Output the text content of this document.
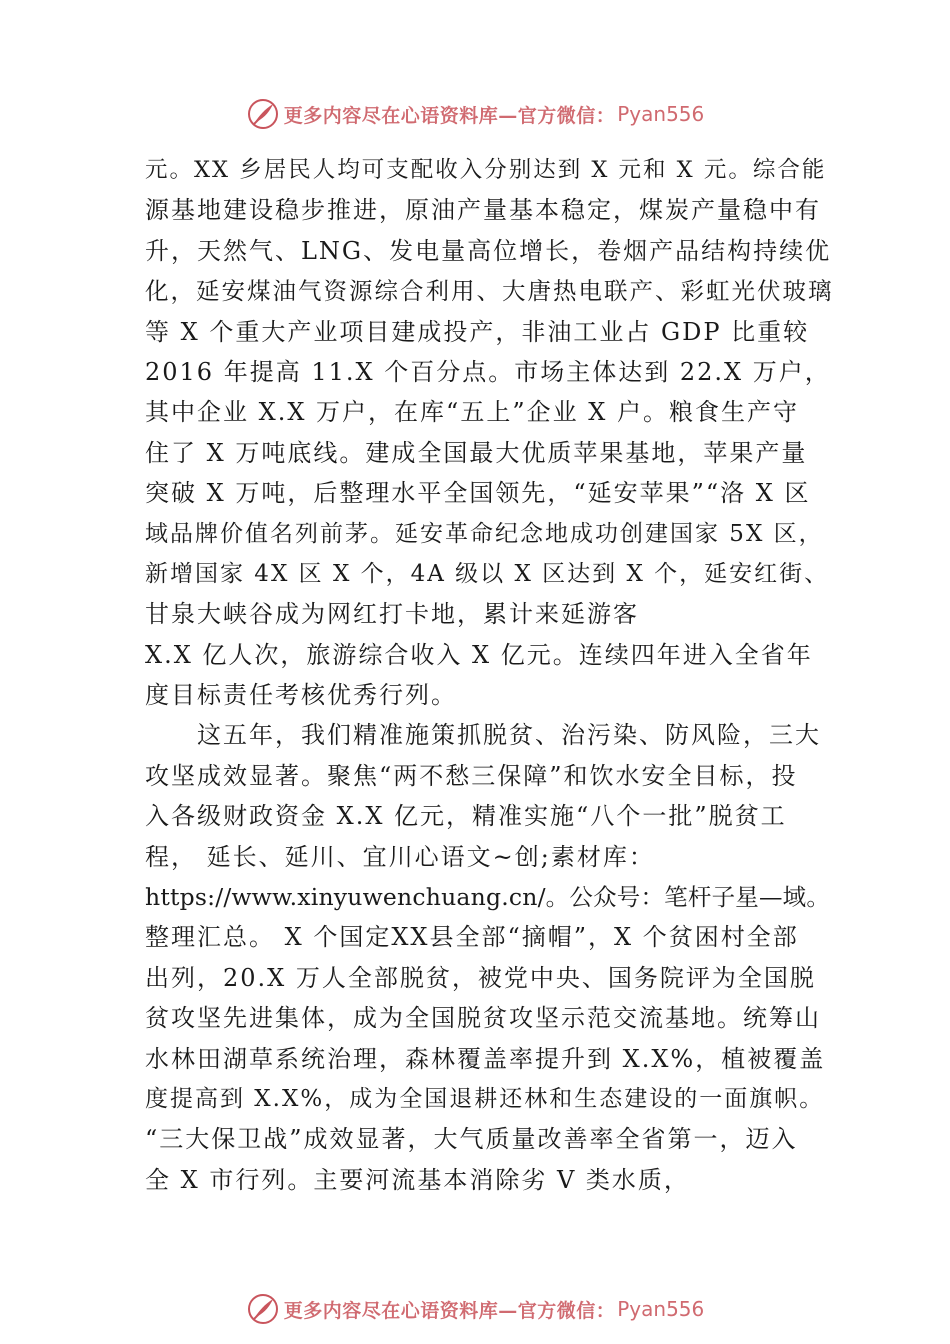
更多内容尽在心语资料库—官方微信： Pyan556
元。XX 乡居民人均可支配收入分别达到 X 元和 X 元。综合能
源基地建设稳步推进，原油产量基本稳定，煤炭产量稳中有
升，天然气、LNG、发电量高位增长，卷烟产品结构持续优
化，延安煤油气资源综合利用、大唐热电联产、彩虹光伏玻璃
等 X 个重大产业项目建成投产，非油工业占 GDP 比重较
2016 年提高 11.X 个百分点。市场主体达到 22.X 万户，
其中企业 X.X 万户，在库“五上”企业 X 户。粮食生产守
住了 X 万吨底线。建成全国最大优质苹果基地，苹果产量
突破 X 万吨，后整理水平全国领先，“延安苹果”“洛 X 区
域品牌价值名列前茅。延安革命纪念地成功创建国家 5X 区，
新增国家 4X 区 X 个，4A 级以 X 区达到 X 个，延安红街、
甘泉大峡谷成为网红打卡地，累计来延游客
X.X 亿人次，旅游综合收入 X 亿元。连续四年进入全省年
度目标责任考核优秀行列。
　　这五年，我们精准施策抓脱贫、治污染、防风险，三大
攻坚成效显著。聚焦“两不愁三保障”和饮水安全目标，投
入各级财政资金 X.X 亿元，精准实施“八个一批”脱贫工
程， 延长、延川、宜川心语文~创;素材库：
https://www.xinyuwenchuang.cn/。公众号：笔杆子星—域。
整理汇总。 X 个国定XX县全部“摘帽”，X 个贫困村全部
出列，20.X 万人全部脱贫，被党中央、国务院评为全国脱
贫攻坚先进集体，成为全国脱贫攻坚示范交流基地。统筹山
水林田湖草系统治理，森林覆盖率提升到 X.X%，植被覆盖
度提高到 X.X%，成为全国退耕还林和生态建设的一面旗帜。
“三大保卫战”成效显著，大气质量改善率全省第一，迈入
全 X 市行列。主要河流基本消除劣 V 类水质，
更多内容尽在心语资料库—官方微信： Pyan556
